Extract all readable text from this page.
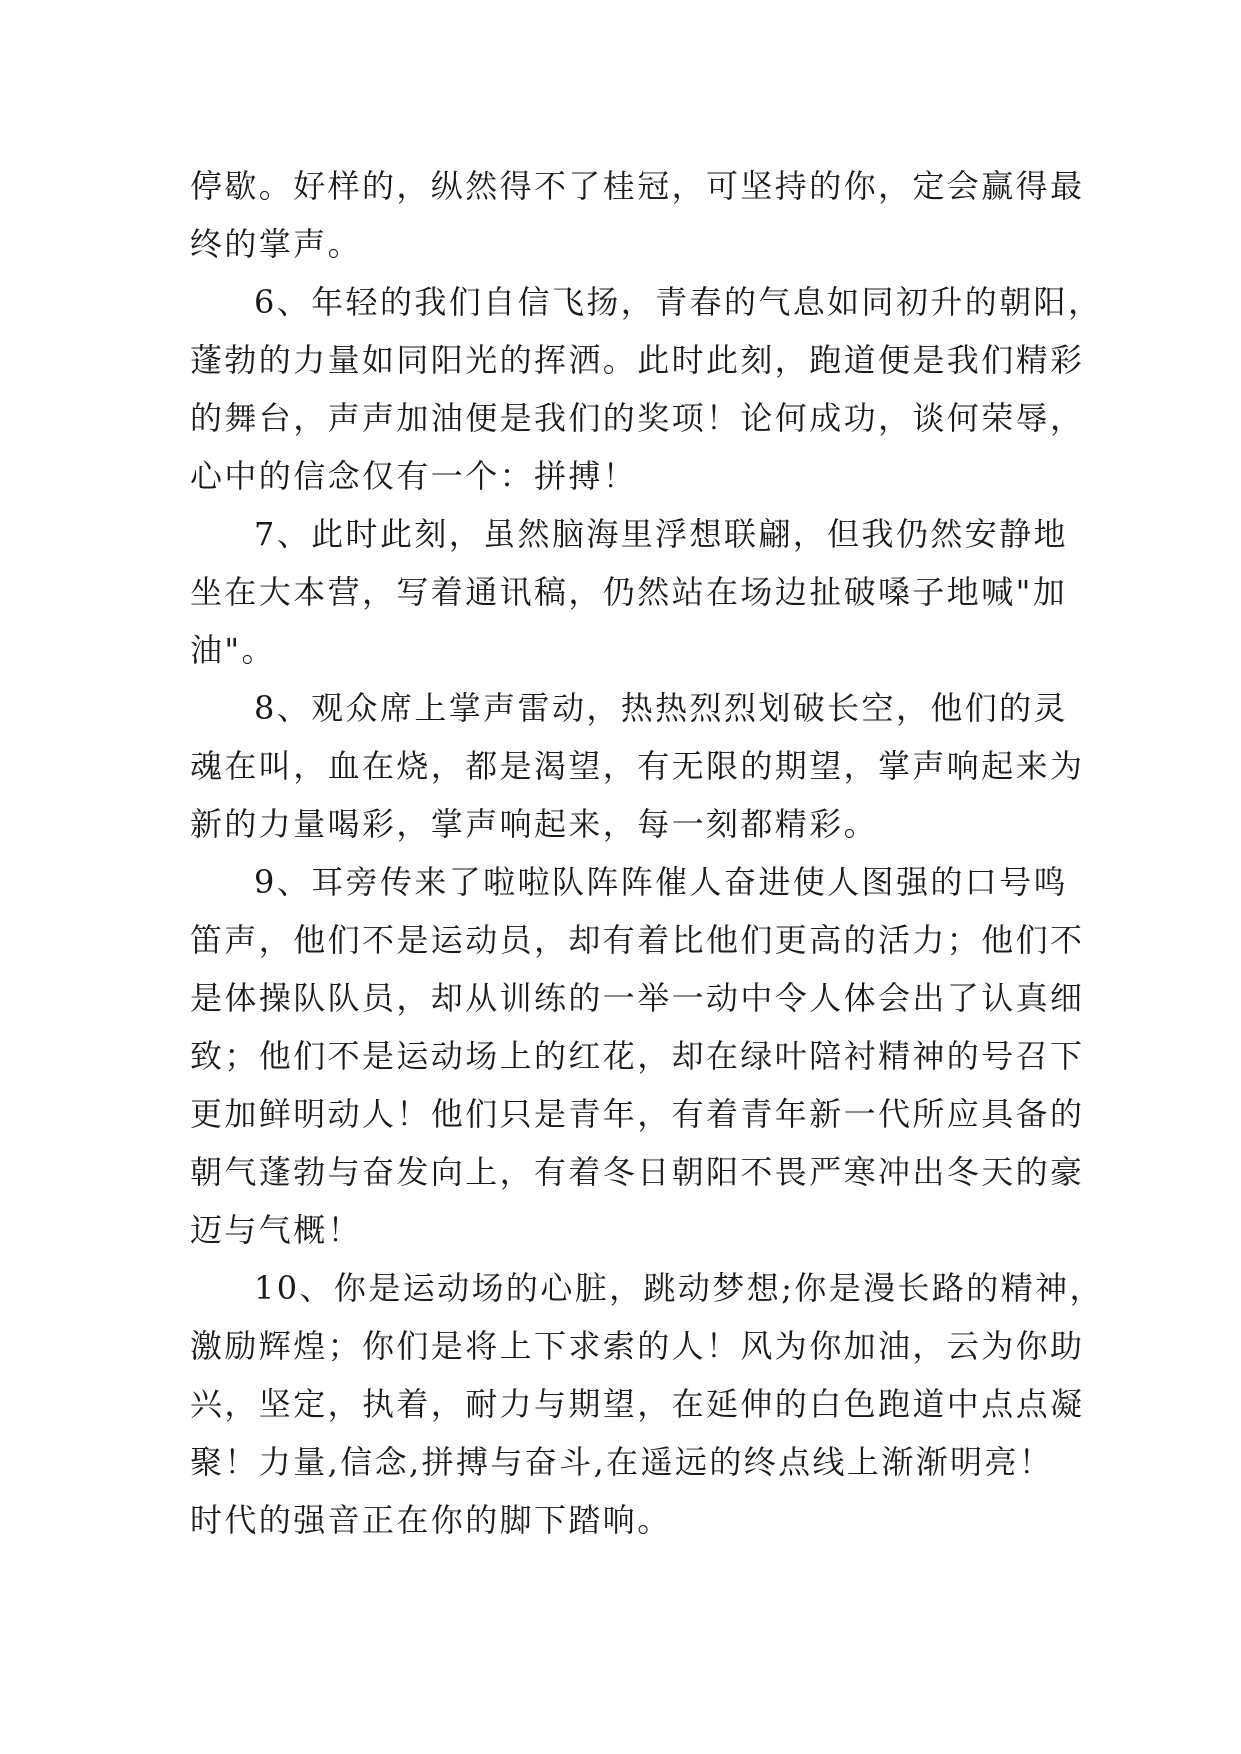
停歇。好样的，纵然得不了桂冠，可坚持的你，定会赢得最
终的掌声。
6、年轻的我们自信飞扬，青春的气息如同初升的朝阳，
蓬勃的力量如同阳光的挥洒。此时此刻，跑道便是我们精彩
的舞台，声声加油便是我们的奖项！论何成功，谈何荣辱，
心中的信念仅有一个：拼搏！
7、此时此刻，虽然脑海里浮想联翩，但我仍然安静地
坐在大本营，写着通讯稿，仍然站在场边扯破嗓子地喊"加
油"。
8、观众席上掌声雷动，热热烈烈划破长空，他们的灵
魂在叫，血在烧，都是渴望，有无限的期望，掌声响起来为
新的力量喝彩，掌声响起来，每一刻都精彩。
9、耳旁传来了啦啦队阵阵催人奋进使人图强的口号鸣
笛声，他们不是运动员，却有着比他们更高的活力；他们不
是体操队队员，却从训练的一举一动中令人体会出了认真细
致；他们不是运动场上的红花，却在绿叶陪衬精神的号召下
更加鲜明动人！他们只是青年，有着青年新一代所应具备的
朝气蓬勃与奋发向上，有着冬日朝阳不畏严寒冲出冬天的豪
迈与气概！
10、你是运动场的心脏，跳动梦想;你是漫长路的精神，
激励辉煌；你们是将上下求索的人！风为你加油，云为你助
兴，坚定，执着，耐力与期望，在延伸的白色跑道中点点凝
聚！力量,信念,拼搏与奋斗,在遥远的终点线上渐渐明亮！
时代的强音正在你的脚下踏响。
